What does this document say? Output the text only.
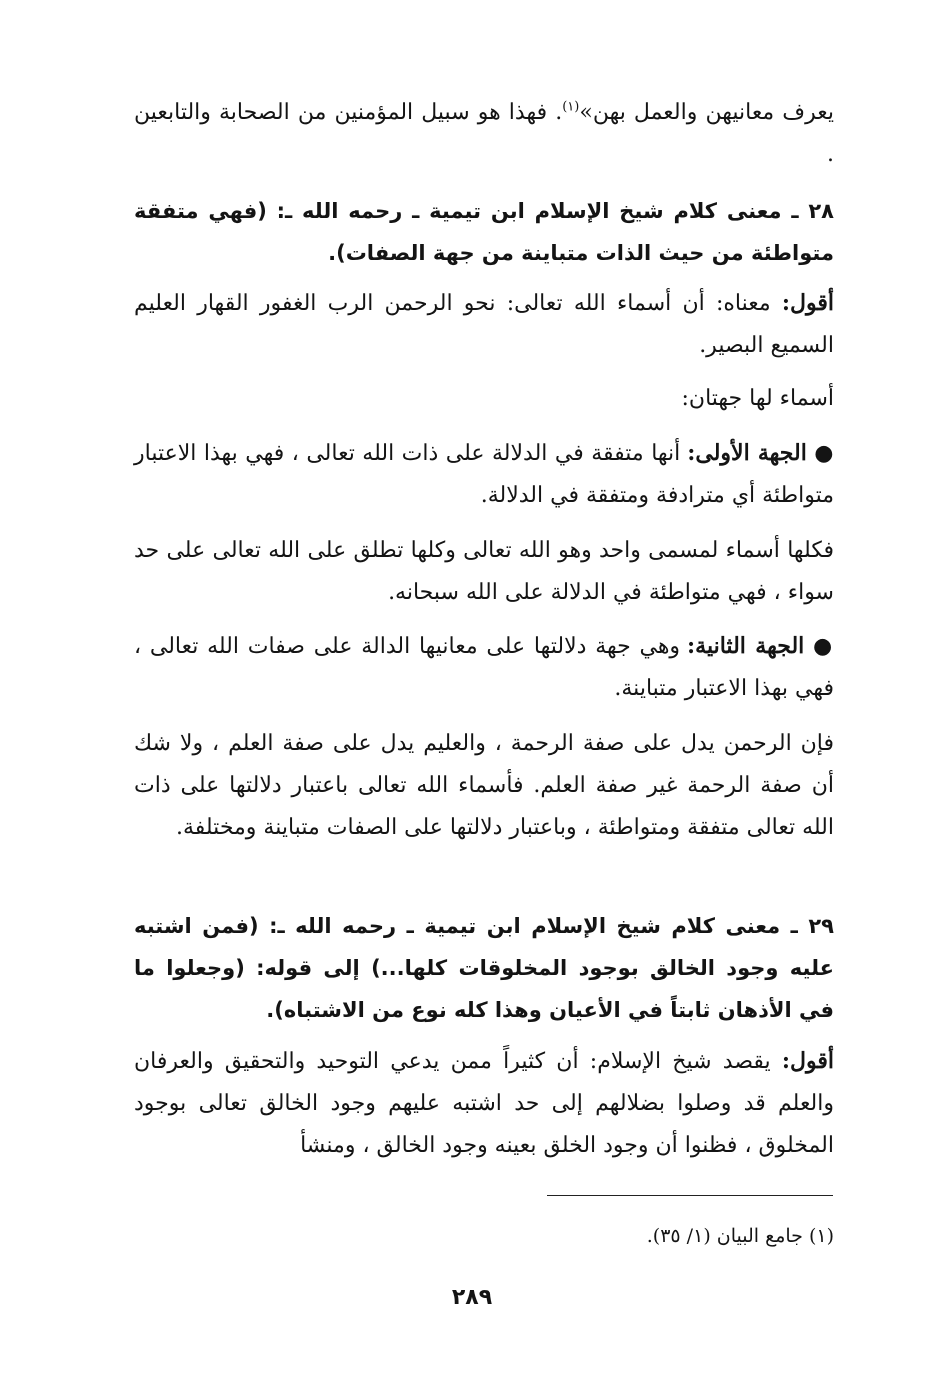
يعرف معانيهن والعمل بهن»$^{(١)}$. فهذا هو سبيل المؤمنين من الصحابة والتابعين .

٢٨ ـ معنى كلام شيخ الإسلام ابن تيمية ـ رحمه الله ـ: (فهي متفقة متواطئة من حيث الذات متباينة من جهة الصفات).

أقول: معناه: أن أسماء الله تعالى: نحو الرحمن الرب الغفور القهار العليم السميع البصير.

أسماء لها جهتان:

● الجهة الأولى: أنها متفقة في الدلالة على ذات الله تعالى ، فهي بهذا الاعتبار متواطئة أي مترادفة ومتفقة في الدلالة.

فكلها أسماء لمسمى واحد وهو الله تعالى وكلها تطلق على الله تعالى على حد سواء ، فهي متواطئة في الدلالة على الله سبحانه.

● الجهة الثانية: وهي جهة دلالتها على معانيها الدالة على صفات الله تعالى ، فهي بهذا الاعتبار متباينة.

فإن الرحمن يدل على صفة الرحمة ، والعليم يدل على صفة العلم ، ولا شك أن صفة الرحمة غير صفة العلم. فأسماء الله تعالى باعتبار دلالتها على ذات الله تعالى متفقة ومتواطئة ، وباعتبار دلالتها على الصفات متباينة ومختلفة.

٢٩ ـ معنى كلام شيخ الإسلام ابن تيمية ـ رحمه الله ـ: (فمن اشتبه عليه وجود الخالق بوجود المخلوقات كلها...) إلى قوله: (وجعلوا ما في الأذهان ثابتاً في الأعيان وهذا كله نوع من الاشتباه).

أقول: يقصد شيخ الإسلام: أن كثيراً ممن يدعي التوحيد والتحقيق والعرفان والعلم قد وصلوا بضلالهم إلى حد اشتبه عليهم وجود الخالق تعالى بوجود المخلوق ، فظنوا أن وجود الخلق بعينه وجود الخالق ، ومنشأ

(١) جامع البيان (١/ ٣٥).

٢٨٩
